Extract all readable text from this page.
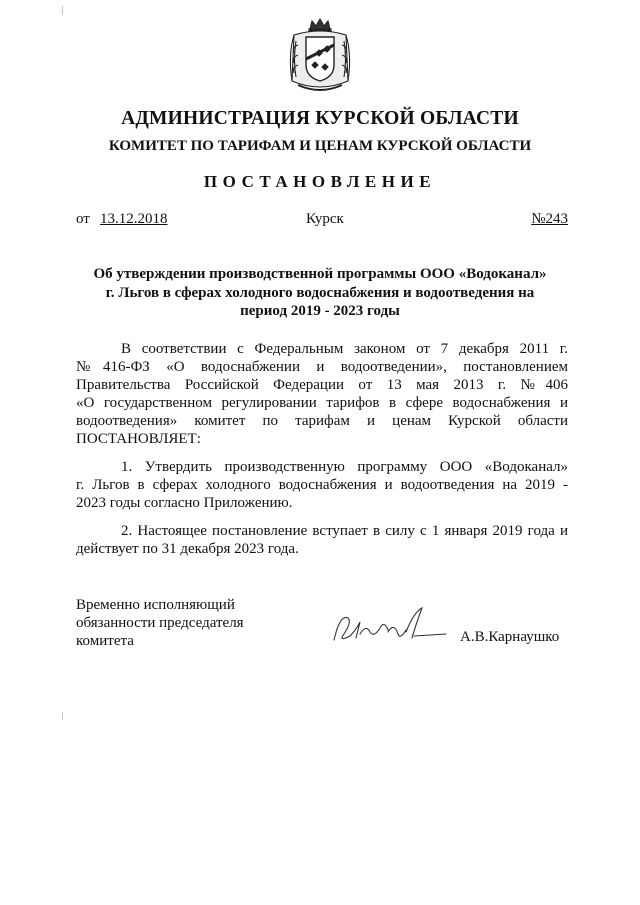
АДМИНИСТРАЦИЯ КУРСКОЙ ОБЛАСТИ
КОМИТЕТ ПО ТАРИФАМ И ЦЕНАМ КУРСКОЙ ОБЛАСТИ
ПОСТАНОВЛЕНИЕ
от 13.12.2018	Курск	№243
Об утверждении производственной программы ООО «Водоканал»
г. Льгов в сферах холодного водоснабжения и водоотведения на
период 2019 - 2023 годы
В соответствии с Федеральным законом от 7 декабря 2011 г.
№416-ФЗ «О водоснабжении и водоотведении», постановлением
Правительства Российской Федерации от 13 мая 2013 г. №406
«О государственном регулировании тарифов в сфере водоснабжения и
водоотведения» комитет по тарифам и ценам Курской области
ПОСТАНОВЛЯЕТ:
1. Утвердить производственную программу ООО «Водоканал»
г. Льгов в сферах холодного водоснабжения и водоотведения на 2019 -
2023 годы согласно Приложению.
2. Настоящее постановление вступает в силу с 1 января 2019 года и
действует по 31 декабря 2023 года.
Временно исполняющий
обязанности председателя
комитета	А.В.Карнаушко
